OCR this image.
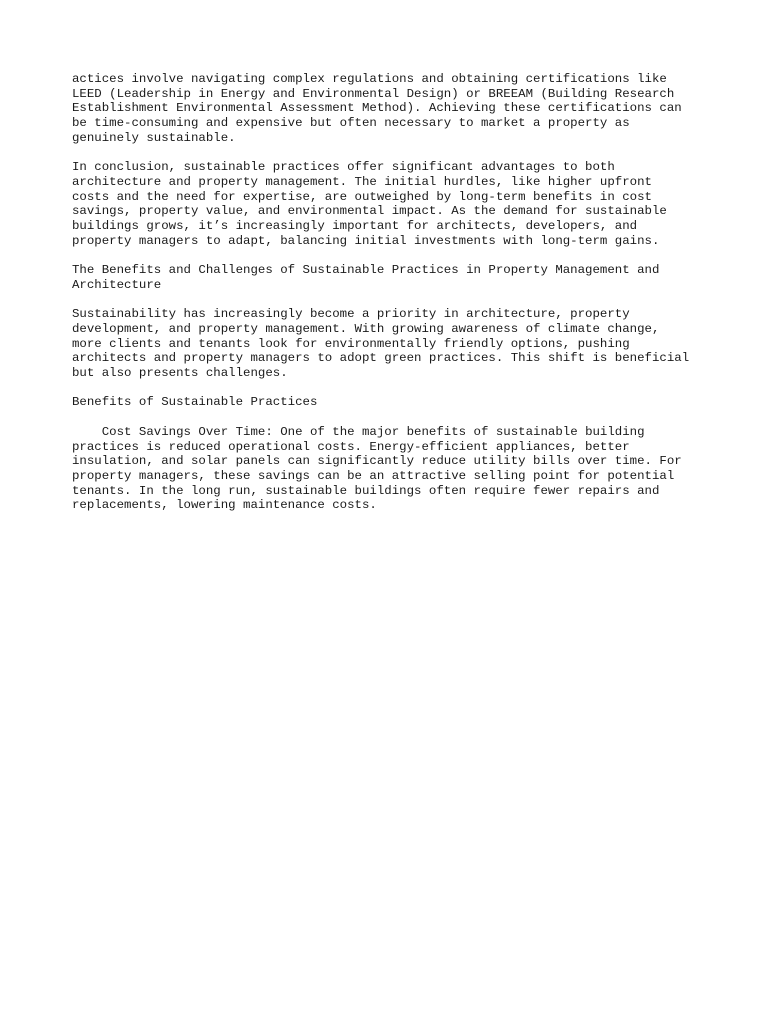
actices involve navigating complex regulations and obtaining certifications like
LEED (Leadership in Energy and Environmental Design) or BREEAM (Building Research
Establishment Environmental Assessment Method). Achieving these certifications can
be time-consuming and expensive but often necessary to market a property as
genuinely sustainable.

In conclusion, sustainable practices offer significant advantages to both
architecture and property management. The initial hurdles, like higher upfront
costs and the need for expertise, are outweighed by long-term benefits in cost
savings, property value, and environmental impact. As the demand for sustainable
buildings grows, it’s increasingly important for architects, developers, and
property managers to adapt, balancing initial investments with long-term gains.

The Benefits and Challenges of Sustainable Practices in Property Management and
Architecture

Sustainability has increasingly become a priority in architecture, property
development, and property management. With growing awareness of climate change,
more clients and tenants look for environmentally friendly options, pushing
architects and property managers to adopt green practices. This shift is beneficial
but also presents challenges.

Benefits of Sustainable Practices

Cost Savings Over Time: One of the major benefits of sustainable building
practices is reduced operational costs. Energy-efficient appliances, better
insulation, and solar panels can significantly reduce utility bills over time. For
property managers, these savings can be an attractive selling point for potential
tenants. In the long run, sustainable buildings often require fewer repairs and
replacements, lowering maintenance costs.
